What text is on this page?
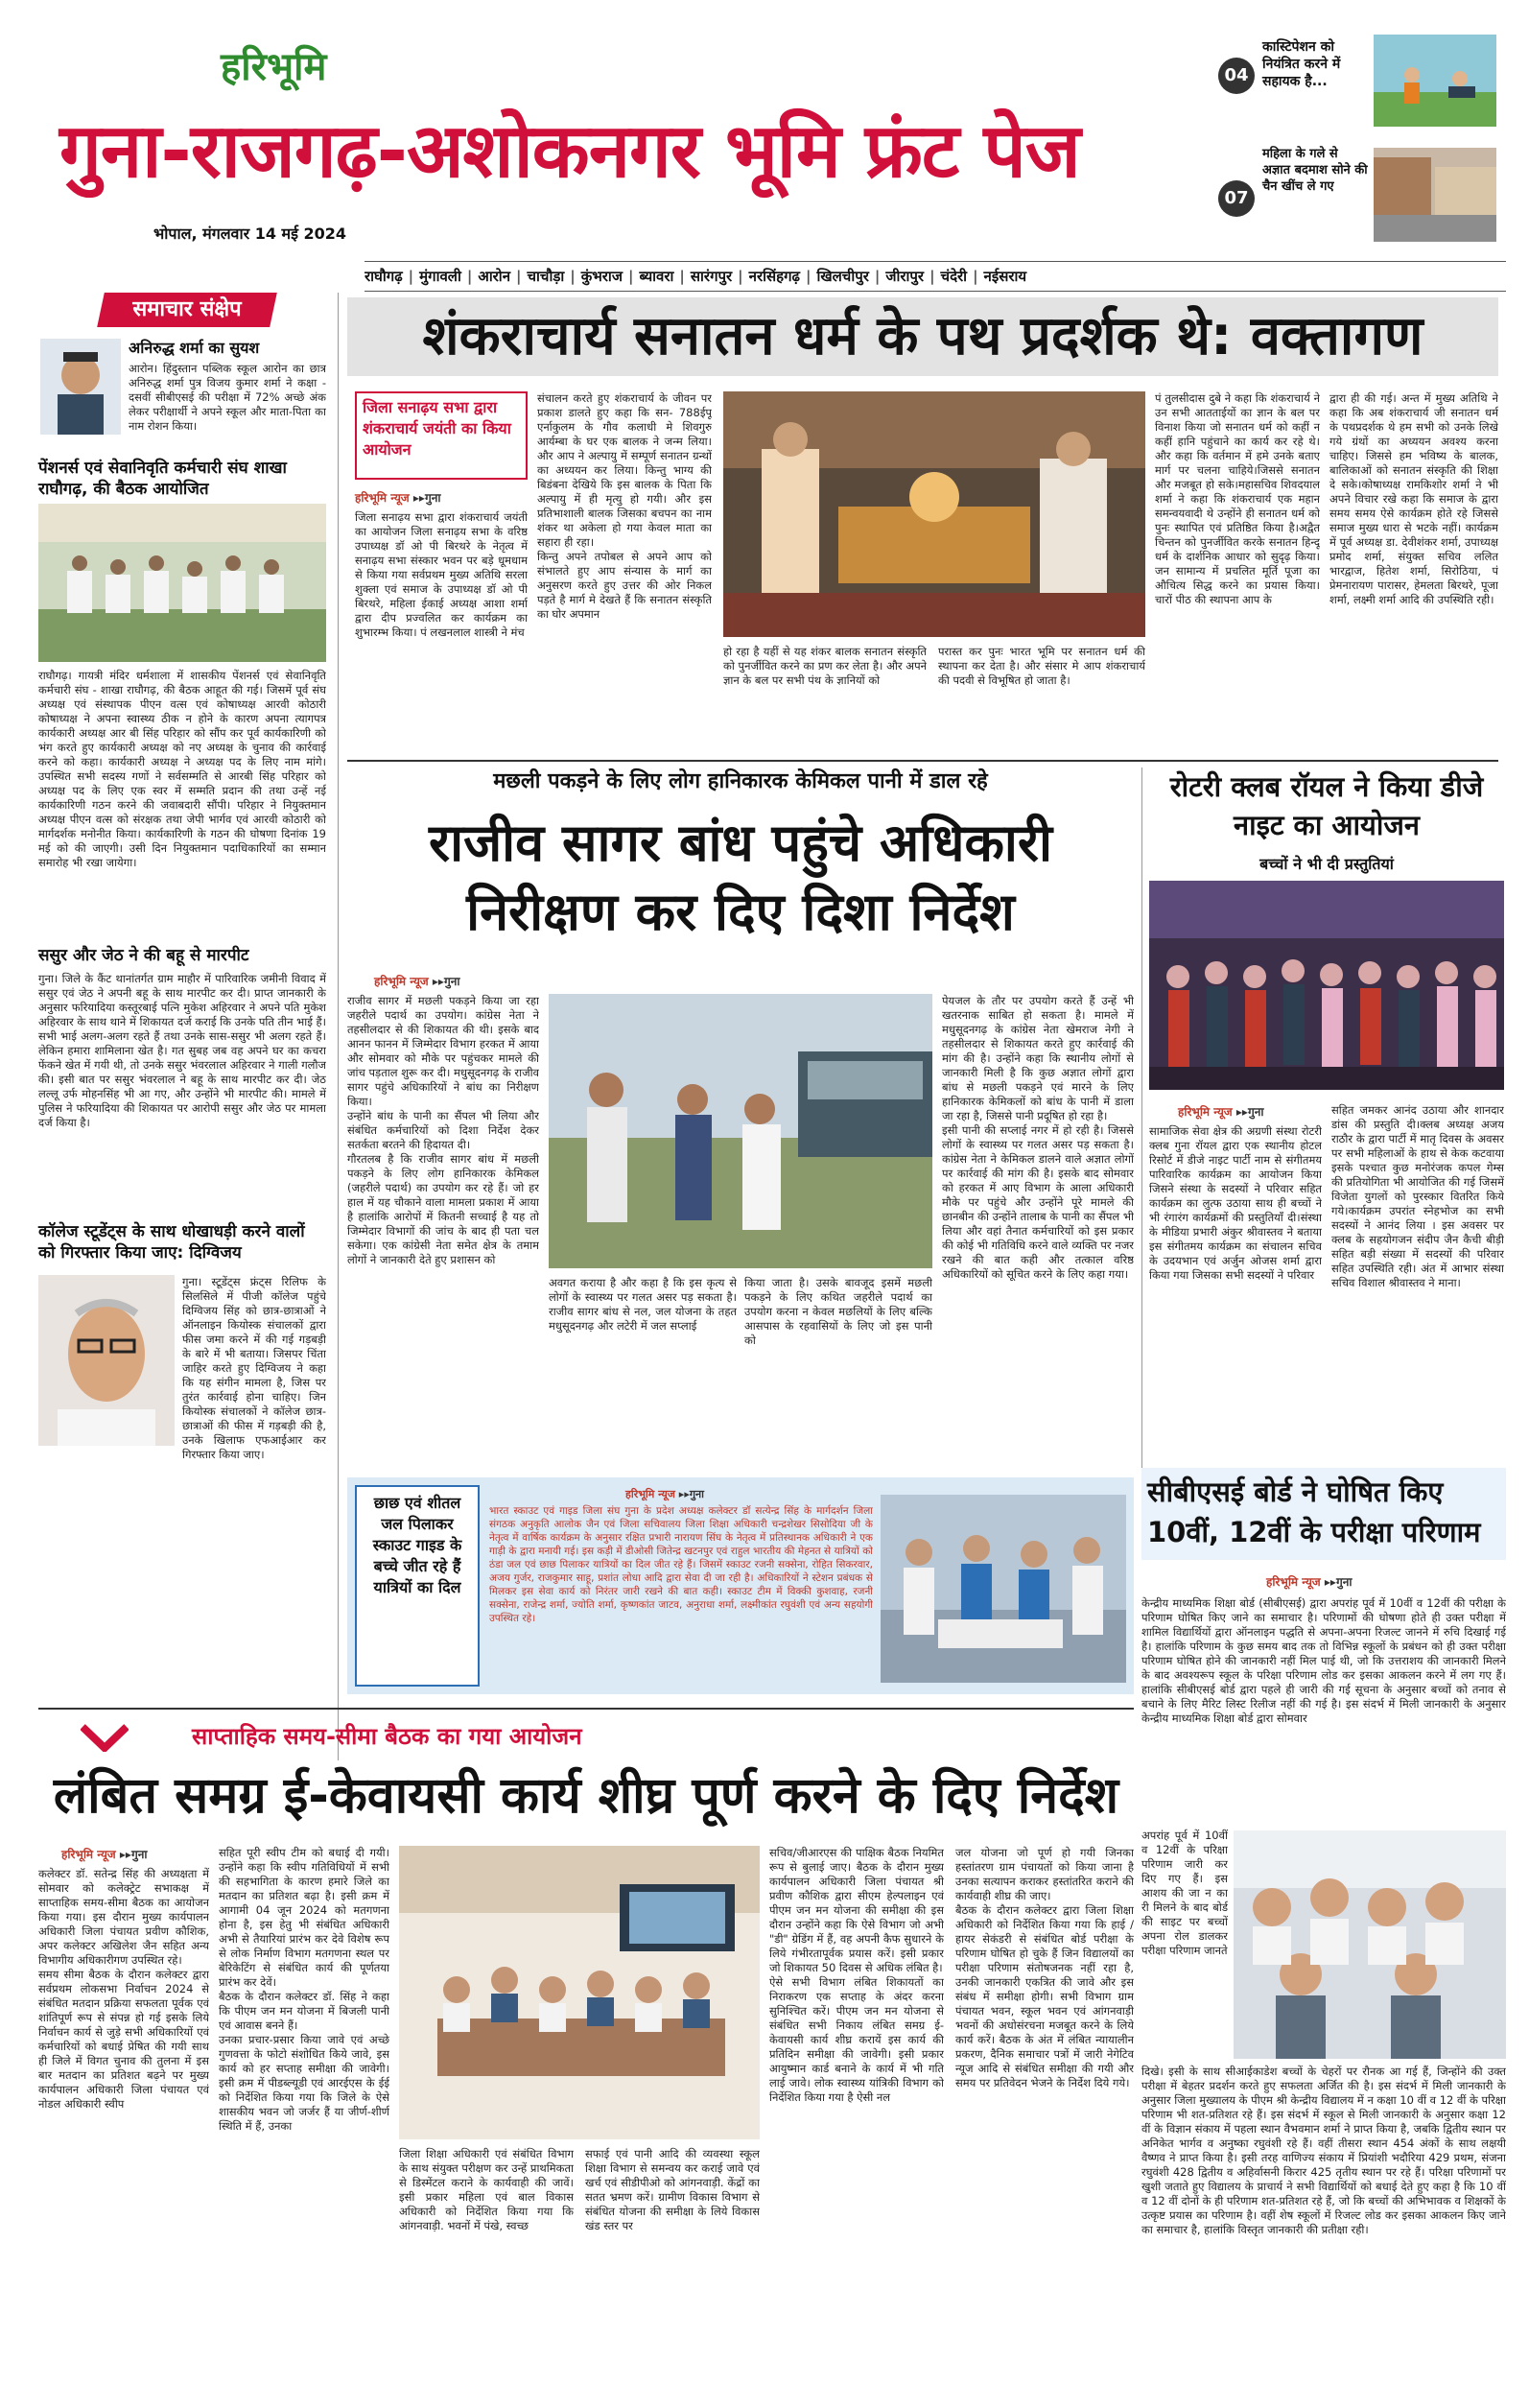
हरिभूमि
गुना-राजगढ़-अशोकनगर भूमि फ्रंट पेज
भोपाल, मंगलवार 14 मई 2024
04
कास्टिपेशन को नियंत्रित करने में सहायक है...
07
महिला के गले से अज्ञात बदमाश सोने की चैन खींच ले गए
राघौगढ़ | मुंगावली | आरोन | चाचौड़ा | कुंभराज | ब्यावरा | सारंगपुर | नरसिंहगढ़ | खिलचीपुर | जीरापुर | चंदेरी | नईसराय
समाचार संक्षेप
अनिरुद्ध शर्मा का सुयश
आरोन। हिंदुस्तान पब्लिक स्कूल आरोन का छात्र अनिरुद्ध शर्मा पुत्र विजय कुमार शर्मा ने कक्षा - दसवीं सीबीएसई की परीक्षा में 72% अच्छे अंक लेकर परीक्षार्थी ने अपने स्कूल और माता-पिता का नाम रोशन किया।
पेंशनर्स एवं सेवानिवृति कर्मचारी संघ शाखा राघौगढ़, की बैठक आयोजित
राघौगढ़। गायत्री मंदिर धर्मशाला में शासकीय पेंशनर्स एवं सेवानिवृति कर्मचारी संघ - शाखा राघौगढ़, की बैठक आहूत की गई। जिसमें पूर्व संघ अध्यक्ष एवं संस्थापक पीएन वत्स एवं कोषाध्यक्ष आरवी कोठारी कोषाध्यक्ष ने अपना स्वास्थ्य ठीक न होने के कारण अपना त्यागपत्र कार्यकारी अध्यक्ष आर बी सिंह परिहार को सौंप कर पूर्व कार्यकारिणी को भंग करते हुए कार्यकारी अध्यक्ष को नए अध्यक्ष के चुनाव की कार्रवाई करने को कहा। कार्यकारी अध्यक्ष ने अध्यक्ष पद के लिए नाम मांगे। उपस्थित सभी सदस्य गणों ने सर्वसम्मति से आरबी सिंह परिहार को अध्यक्ष पद के लिए एक स्वर में सम्मति प्रदान की तथा उन्हें नई कार्यकारिणी गठन करने की जवाबदारी सौंपी। परिहार ने नियुक्तमान अध्यक्ष पीएन वत्स को संरक्षक तथा जेपी भार्गव एवं आरवी कोठारी को मार्गदर्शक मनोनीत किया। कार्यकारिणी के गठन की घोषणा दिनांक 19 मई को की जाएगी। उसी दिन नियुक्तमान पदाधिकारियों का सम्मान समारोह भी रखा जायेगा।
ससुर और जेठ ने की बहू से मारपीट
गुना। जिले के कैंट थानांतर्गत ग्राम माहौर में पारिवारिक जमीनी विवाद में ससुर एवं जेठ ने अपनी बहू के साथ मारपीट कर दी। प्राप्त जानकारी के अनुसार फरियादिया कस्तूरबाई पत्नि मुकेश अहिरवार ने अपने पति मुकेश अहिरवार के साथ थाने में शिकायत दर्ज कराई कि उनके पति तीन भाई हैं। सभी भाई अलग-अलग रहते हैं तथा उनके सास-ससुर भी अलग रहते हैं। लेकिन हमारा शामिलाना खेत है। गत सुबह जब वह अपने घर का कचरा फेंकने खेत में गयी थी, तो उनके ससुर भंवरलाल अहिरवार ने गाली गलौज की। इसी बात पर ससुर भंवरलाल ने बहू के साथ मारपीट कर दी। जेठ लल्लू उर्फ मोहनसिंह भी आ गए, और उन्होंने भी मारपीट की। मामले में पुलिस ने फरियादिया की शिकायत पर आरोपी ससुर और जेठ पर मामला दर्ज किया है।
कॉलेज स्टूडेंट्स के साथ धोखाधड़ी करने वालों को गिरफ्तार किया जाए: दिग्विजय
गुना। स्टूडेंट्स फ्रंट्स रिलिफ के सिलसिले में पीजी कॉलेज पहुंचे दिग्विजय सिंह को छात्र-छात्राओं ने ऑनलाइन कियोस्क संचालकों द्वारा फीस जमा करने में की गई गड़बड़ी के बारे में भी बताया। जिसपर चिंता जाहिर करते हुए दिग्विजय ने कहा कि यह संगीन मामला है, जिस पर तुरंत कार्रवाई होना चाहिए। जिन कियोस्क संचालकों ने कॉलेज छात्र-छात्राओं की फीस में गड़बड़ी की है, उनके खिलाफ एफआईआर कर गिरफ्तार किया जाए।
शंकराचार्य सनातन धर्म के पथ प्रदर्शक थे: वक्तागण
जिला सनाढ़य सभा द्वारा शंकराचार्य जयंती का किया आयोजन
हरिभूमि न्यूज ▸▸गुना
जिला सनाढ़य सभा द्वारा शंकराचार्य जयंती का आयोजन जिला सनाढ़य सभा के वरिष्ठ उपाध्यक्ष डॉ ओ पी बिरथरे के नेतृत्व में सनाढ़य सभा संस्कार भवन पर बड़े धूमधाम से किया गया सर्वप्रथम मुख्य अतिथि सरला शुक्ला एवं समाज के उपाध्यक्ष डॉ ओ पी बिरथरे, महिला ईकाई अध्यक्ष आशा शर्मा द्वारा दीप प्रज्वलित कर कार्यक्रम का शुभारम्भ किया। पं लखनलाल शास्त्री ने मंच
संचालन करते हुए शंकराचार्य के जीवन पर प्रकाश डालते हुए कहा कि सन- 788ईपू एर्नाकुलम के गौव कलाधी मे शिवगुरु आर्यम्बा के घर एक बालक ने जन्म लिया। और आप ने अल्पायु में सम्पूर्ण सनातन ग्रन्थों का अध्ययन कर लिया। किन्तु भाग्य की बिडंबना देखिये कि इस बालक के पिता कि अल्पायु में ही मृत्यु हो गयी। और इस प्रतिभाशाली बालक जिसका बचपन का नाम शंकर था अकेला हो गया केवल माता का सहारा ही रहा।
किन्तु अपने तपोबल से अपने आप को संभालते हुए आप संन्यास के मार्ग का अनुसरण करते हुए उत्तर की ओर निकल पड़ते है मार्ग मे देखते हैं कि सनातन संस्कृति का घोर अपमान
हो रहा है यहीं से यह शंकर बालक सनातन संस्कृति को पुनर्जीवित करने का प्रण कर लेता है। और अपने ज्ञान के बल पर सभी पंथ के ज्ञानियों को
परास्त कर पुनः भारत भूमि पर सनातन धर्म की स्थापना कर देता है। और संसार मे आप शंकराचार्य की पदवी से विभूषित हो जाता है।
पं तुलसीदास दुबे ने कहा कि शंकराचार्य ने उन सभी आतताईयों का ज्ञान के बल पर विनाश किया जो सनातन धर्म को कहीं न कहीं हानि पहुंचाने का कार्य कर रहे थे। और कहा कि वर्तमान में हमे उनके बताए मार्ग पर चलना चाहिये।जिससे सनातन और मजबूत हो सके।महासचिव शिवदयाल शर्मा ने कहा कि शंकराचार्य एक महान समन्वयवादी थे उन्होंने ही सनातन धर्म को पुनः स्थापित एवं प्रतिष्ठित किया है।अद्वैत चिन्तन को पुनर्जीवित करके सनातन हिन्दू धर्म के दार्शनिक आधार को सुदृढ़ किया। जन सामान्य में प्रचलित मूर्ति पूजा का औचित्य सिद्ध करने का प्रयास किया। चारों पीठ की स्थापना आप के
द्वारा ही की गई। अन्त में मुख्य अतिथि ने कहा कि अब शंकराचार्य जी सनातन धर्म के पथप्रदर्शक थे हम सभी को उनके लिखे गये ग्रंथों का अध्ययन अवश्य करना चाहिए। जिससे हम भविष्य के बालक, बालिकाओं को सनातन संस्कृति की शिक्षा दे सके।कोषाध्यक्ष रामकिशोर शर्मा ने भी अपने विचार रखे कहा कि समाज के द्वारा समय समय ऐसे कार्यक्रम होते रहे जिससे समाज मुख्य धारा से भटके नहीं। कार्यक्रम में पूर्व अध्यक्ष डा. देवीशंकर शर्मा, उपाध्यक्ष प्रमोद शर्मा, संयुक्त सचिव ललित भारद्वाज, हितेश शर्मा, सिरोठिया, पं प्रेमनारायण पारासर, हेमलता बिरथरे, पूजा शर्मा, लक्ष्मी शर्मा आदि की उपस्थिति रही।
मछली पकड़ने के लिए लोग हानिकारक केमिकल पानी में डाल रहे
राजीव सागर बांध पहुंचे अधिकारी
निरीक्षण कर दिए दिशा निर्देश
हरिभूमि न्यूज ▸▸गुना
राजीव सागर में मछली पकड़ने किया जा रहा जहरीले पदार्थ का उपयोग। कांग्रेस नेता ने तहसीलदार से की शिकायत की थी। इसके बाद आनन फानन में जिम्मेदार विभाग हरकत में आया और सोमवार को मौके पर पहुंचकर मामले की जांच पड़ताल शुरू कर दी। मधुसूदनगढ़ के राजीव सागर पहुंचे अधिकारियों ने बांध का निरीक्षण किया।
उन्होंने बांध के पानी का सैंपल भी लिया और संबंधित कर्मचारियों को दिशा निर्देश देकर सतर्कता बरतने की हिदायत दी।
गौरतलब है कि राजीव सागर बांध में मछली पकड़ने के लिए लोग हानिकारक केमिकल (जहरीले पदार्थ) का उपयोग कर रहे हैं। जो हर हाल में यह चौकाने वाला मामला प्रकाश में आया है हालांकि आरोपों में कितनी सच्चाई है यह तो जिम्मेदार विभागों की जांच के बाद ही पता चल सकेगा। एक कांग्रेसी नेता समेत क्षेत्र के तमाम लोगों ने जानकारी देते हुए प्रशासन को
अवगत कराया है और कहा है कि इस कृत्य से लोगों के स्वास्थ्य पर गलत असर पड़ सकता है। राजीव सागर बांध से नल, जल योजना के तहत मधुसूदनगढ़ और लटेरी में जल सप्लाई
किया जाता है। उसके बावजूद इसमें मछली पकड़ने के लिए कथित जहरीले पदार्थ का उपयोग करना न केवल मछलियों के लिए बल्कि आसपास के रहवासियों के लिए जो इस पानी को
पेयजल के तौर पर उपयोग करते हैं उन्हें भी खतरनाक साबित हो सकता है। मामले में मधुसूदनगढ़ के कांग्रेस नेता खेमराज नेगी ने तहसीलदार से शिकायत करते हुए कार्रवाई की मांग की है। उन्होंने कहा कि स्थानीय लोगों से जानकारी मिली है कि कुछ अज्ञात लोगों द्वारा बांध से मछली पकड़ने एवं मारने के लिए हानिकारक केमिकलों को बांध के पानी में डाला जा रहा है, जिससे पानी प्रदूषित हो रहा है।
इसी पानी की सप्लाई नगर में हो रही है। जिससे लोगों के स्वास्थ्य पर गलत असर पड़ सकता है। कांग्रेस नेता ने केमिकल डालने वाले अज्ञात लोगों पर कार्रवाई की मांग की है। इसके बाद सोमवार को हरकत में आए विभाग के आला अधिकारी मौके पर पहुंचे और उन्होंने पूरे मामले की छानबीन की उन्होंने तालाब के पानी का सैंपल भी लिया और वहां तैनात कर्मचारियों को इस प्रकार की कोई भी गतिविधि करने वाले व्यक्ति पर नजर रखने की बात कही और तत्काल वरिष्ठ अधिकारियों को सूचित करने के लिए कहा गया।
रोटरी क्लब रॉयल ने किया डीजे नाइट का आयोजन
बच्चों ने भी दी प्रस्तुतियां
हरिभूमि न्यूज ▸▸गुना
सामाजिक सेवा क्षेत्र की अग्रणी संस्था रोटरी क्लब गुना रॉयल द्वारा एक स्थानीय होटल रिसोर्ट में डीजे नाइट पार्टी नाम से संगीतमय पारिवारिक कार्यक्रम का आयोजन किया जिसने संस्था के सदस्यों ने परिवार सहित कार्यक्रम का लुत्फ उठाया साथ ही बच्चों ने भी रंगारंग कार्यक्रमों की प्रस्तुतियाँ दी।संस्था के मीडिया प्रभारी अंकुर श्रीवास्तव ने बताया इस संगीतमय कार्यक्रम का संचालन सचिव के उदयभान एवं अर्जुन ओजस शर्मा द्वारा किया गया जिसका सभी सदस्यों ने परिवार
सहित जमकर आनंद उठाया और शानदार डांस की प्रस्तुति दी।क्लब अध्यक्ष अजय राठौर के द्वारा पार्टी में मातृ दिवस के अवसर पर सभी महिलाओं के हाथ से केक कटवाया इसके पश्चात कुछ मनोरंजक कपल गेम्स की प्रतियोगिता भी आयोजित की गई जिसमें विजेता युगलों को पुरस्कार वितरित किये गये।कार्यक्रम उपरांत स्नेहभोज का सभी सदस्यों ने आनंद लिया । इस अवसर पर क्लब के सहयोगजन संदीप जैन कैची बीड़ी सहित बड़ी संख्या में सदस्यों की परिवार सहित उपस्थिति रही। अंत में आभार संस्था सचिव विशाल श्रीवास्तव ने माना।
छाछ एवं शीतल जल पिलाकर स्काउट गाइड के बच्चे जीत रहे हैं यात्रियों का दिल
हरिभूमि न्यूज ▸▸गुना
भारत स्काउट एवं गाइड जिला संघ गुना के प्रदेश अध्यक्ष कलेक्टर डॉ सत्येन्द्र सिंह के मार्गदर्शन जिला संगठक अनुकृति आलोक जैन एवं जिला सचिवालय जिला शिक्षा अधिकारी चन्द्रशेखर सिसोदिया जी के नेतृत्व में वार्षिक कार्यक्रम के अनुसार रक्षित प्रभारी नारायण सिंघ के नेतृत्व में प्रतिस्थानक अधिकारी ने एक गाड़ी के द्वारा मनायी गई। इस कड़ी में डीओसी जितेन्द्र खटनपुर एवं राहुल भारतीय की मेहनत से यात्रियों को ठंडा जल एवं छाछ पिलाकर यात्रियों का दिल जीत रहे हैं। जिसमें स्काउट रजनी सक्सेना, रोहित सिकरवार, अजय गुर्जर, राजकुमार साहू, प्रशांत लोधा आदि द्वारा सेवा दी जा रही है। अधिकारियों ने स्टेशन प्रबंधक से मिलकर इस सेवा कार्य को निरंतर जारी रखने की बात कही। स्काउट टीम में विक्की कुशवाह, रजनी सक्सेना, राजेन्द्र शर्मा, ज्योति शर्मा, कृष्णकांत जाटव, अनुराधा शर्मा, लक्ष्मीकांत रघुवंशी एवं अन्य सहयोगी उपस्थित रहे।
सीबीएसई बोर्ड ने घोषित किए 10वीं, 12वीं के परीक्षा परिणाम
हरिभूमि न्यूज ▸▸गुना
केन्द्रीय माध्यमिक शिक्षा बोर्ड (सीबीएसई) द्वारा अपरांह पूर्व में 10वीं व 12वीं की परीक्षा के परिणाम घोषित किए जाने का समाचार है। परिणामों की घोषणा होते ही उक्त परीक्षा में शामिल विद्यार्थियों द्वारा ऑनलाइन पद्धति से अपना-अपना रिजल्ट जानने में रुचि दिखाई गई है। हालांकि परिणाम के कुछ समय बाद तक तो विभिन्न स्कूलों के प्रबंधन को ही उक्त परीक्षा परिणाम घोषित होने की जानकारी नहीं मिल पाई थी, जो कि उत्तराशय की जानकारी मिलने के बाद अवश्यरूप स्कूल के परिक्षा परिणाम लोड कर इसका आकलन करने में लग गए हैं। हालांकि सीबीएसई बोर्ड द्वारा पहले ही जारी की गई सूचना के अनुसार बच्चों को तनाव से बचाने के लिए मैरिट लिस्ट रिलीज नहीं की गई है। इस संदर्भ में मिली जानकारी के अनुसार केन्द्रीय माध्यमिक शिक्षा बोर्ड द्वारा सोमवार
अपरांह पूर्व में 10वीं व 12वीं के परिक्षा परिणाम जारी कर दिए गए हैं। इस आशय की जा न का री मिलने के बाद बोर्ड की साइट पर बच्चों अपना रोल डालकर परीक्षा परिणाम जानते
दिखे। इसी के साथ सीआईकाडेश बच्चों के चेहरों पर रौनक आ गई हैं, जिन्होंने की उक्त परीक्षा में बेहतर प्रदर्शन करते हुए सफलता अर्जित की है। इस संदर्भ में मिली जानकारी के अनुसार जिला मुख्यालय के पीएम श्री केन्द्रीय विद्यालय में न कक्षा 10 वीं व 12 वीं के परिक्षा परिणाम भी शत-प्रतिशत रहे हैं। इस संदर्भ में स्कूल से मिली जानकारी के अनुसार कक्षा 12 वीं के विज्ञान संकाय में पहला स्थान वैभवमान शर्मा ने प्राप्त किया है, जबकि द्वितीय स्थान पर अनिकेत भार्गव व अनुष्का रघुवंशी रहे हैं। वहीं तीसरा स्थान 454 अंकों के साथ लक्षयी वैष्णव ने प्राप्त किया है। इसी तरह वाणिज्य संकाय में प्रियांशी भदौरिया 429 प्रथम, संजना रघुवंशी 428 द्वितीय व अहिर्वासनी किरार 425 तृतीय स्थान पर रहे हैं। परिक्षा परिणामों पर खुशी जताते हुए विद्यालय के प्राचार्य ने सभी विद्यार्थियों को बधाई देते हुए कहा है कि 10 वीं व 12 वीं दोनों के ही परिणाम शत-प्रतिशत रहे हैं, जो कि बच्चों की अभिभावक व शिक्षकों के उत्कृष्ट प्रयास का परिणाम है। वहीं शेष स्कूलों में रिजल्ट लोड कर इसका आकलन किए जाने का समाचार है, हालांकि विस्तृत जानकारी की प्रतीक्षा रही।
साप्ताहिक समय-सीमा बैठक का गया आयोजन
लंबित समग्र ई-केवायसी कार्य शीघ्र पूर्ण करने के दिए निर्देश
हरिभूमि न्यूज ▸▸गुना
कलेक्टर डॉ. सतेन्द्र सिंह की अध्यक्षता में सोमवार को कलेक्ट्रेट सभाकक्ष में साप्ताहिक समय-सीमा बैठक का आयोजन किया गया। इस दौरान मुख्य कार्यपालन अधिकारी जिला पंचायत प्रवीण कौशिक, अपर कलेक्टर अखिलेश जैन सहित अन्य विभागीय अधिकारीगण उपस्थित रहे।
समय सीमा बैठक के दौरान कलेक्टर द्वारा सर्वप्रथम लोकसभा निर्वाचन 2024 से संबंधित मतदान प्रक्रिया सफलता पूर्वक एवं शांतिपूर्ण रूप से संपन्न हो गई इसके लिये निर्वाचन कार्य से जुड़े सभी अधिकारियों एवं कर्मचारियों को बधाई प्रेषित की गयी साथ ही जिले में विगत चुनाव की तुलना में इस बार मतदान का प्रतिशत बढ़ने पर मुख्य कार्यपालन अधिकारी जिला पंचायत एवं नोडल अधिकारी स्वीप
सहित पूरी स्वीप टीम को बधाई दी गयी। उन्होंने कहा कि स्वीप गतिविधियों में सभी की सहभागिता के कारण हमारे जिले का मतदान का प्रतिशत बढ़ा है। इसी क्रम में आगामी 04 जून 2024 को मतगणना होना है, इस हेतु भी संबंधित अधिकारी अभी से तैयारियां प्रारंभ कर देवे विशेष रूप से लोक निर्माण विभाग मतगणना स्थल पर बेरिकेटिंग से संबंधित कार्य की पूर्णतया प्रारंभ कर देवें।
बैठक के दौरान कलेक्टर डॉ. सिंह ने कहा कि पीएम जन मन योजना में बिजली पानी एवं आवास बनने हैं।
उनका प्रचार-प्रसार किया जावे एवं अच्छे गुणवत्ता के फोटो संशोधित किये जावे, इस कार्य को हर सप्ताह समीक्षा की जावेगी। इसी क्रम में पीडब्ल्यूडी एवं आरईएस के ईई को निर्देशित किया गया कि जिले के ऐसे शासकीय भवन जो जर्जर हैं या जीर्ण-शीर्ण स्थिति में हैं, उनका
जिला शिक्षा अधिकारी एवं संबंधित विभाग के साथ संयुक्त परीक्षण कर उन्हें प्राथमिकता से डिस्मेंटल कराने के कार्यवाही की जावें। इसी प्रकार महिला एवं बाल विकास अधिकारी को निर्देशित किया गया कि आंगनवाड़ी. भवनों में पंखे, स्वच्छ
सफाई एवं पानी आदि की व्यवस्था स्कूल शिक्षा विभाग से समन्वय कर कराई जावे एवं खर्च एवं सीडीपीओ को आंगनवाड़ी. केंद्रों का सतत भ्रमण करें। ग्रामीण विकास विभाग से संबंधित योजना की समीक्षा के लिये विकास खंड स्तर पर
सचिव/जीआरएस की पाक्षिक बैठक नियमित रूप से बुलाई जाए। बैठक के दौरान मुख्य कार्यपालन अधिकारी जिला पंचायत श्री प्रवीण कौशिक द्वारा सीएम हेल्पलाइन एवं पीएम जन मन योजना की समीक्षा की इस दौरान उन्होंने कहा कि ऐसे विभाग जो अभी "डी" ग्रेडिंग में हैं, वह अपनी कैफ सुधारने के लिये गंभीरतापूर्वक प्रयास करें। इसी प्रकार जो शिकायत 50 दिवस से अधिक लंबित है।
ऐसे सभी विभाग लंबित शिकायतों का निराकरण एक सप्ताह के अंदर करना सुनिश्चित करें। पीएम जन मन योजना से संबंधित सभी निकाय लंबित समग्र ई-केवायसी कार्य शीघ्र करायें इस कार्य की प्रतिदिन समीक्षा की जावेगी। इसी प्रकार आयुष्मान कार्ड बनाने के कार्य में भी गति लाई जावे। लोक स्वास्थ्य यांत्रिकी विभाग को निर्देशित किया गया है ऐसी नल
जल योजना जो पूर्ण हो गयी जिनका हस्तांतरण ग्राम पंचायतों को किया जाना है उनका सत्यापन कराकर हस्तांतरित कराने की कार्यवाही शीघ्र की जाए।
बैठक के दौरान कलेक्टर द्वारा जिला शिक्षा अधिकारी को निर्देशित किया गया कि हाई /हायर सेकंडरी से संबंधित बोर्ड परीक्षा के परिणाम घोषित हो चुके हैं जिन विद्यालयों का परीक्षा परिणाम संतोषजनक नहीं रहा है, उनकी जानकारी एकत्रित की जावे और इस संबंध में समीक्षा होगी। सभी विभाग ग्राम पंचायत भवन, स्कूल भवन एवं आंगनवाड़ी भवनों की अधोसंरचना मजबूत करने के लिये कार्य करें। बैठक के अंत में लंबित न्यायालीन प्रकरण, दैनिक समाचार पत्रों में जारी नेगेटिव न्यूज आदि से संबंधित समीक्षा की गयी और समय पर प्रतिवेदन भेजने के निर्देश दिये गये।
